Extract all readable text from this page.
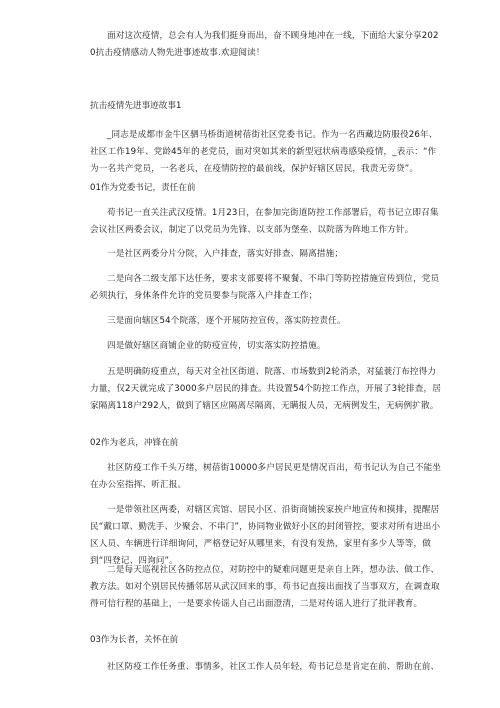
面对这次疫情，总会有人为我们挺身而出，奋不顾身地冲在一线，下面给大家分享2020抗击疫情感动人物先进事迹故事.欢迎阅读！

抗击疫情先进事迹故事1

_同志是成都市金牛区驷马桥街道树蓓街社区党委书记。作为一名西藏边防服役26年、社区工作19年、党龄45年的老党员，面对突如其来的新型冠状病毒感染疫情，_表示：“作为一名共产党员，一名老兵，在疫情防控的最前线，保护好辖区居民，我责无旁贷”。

01作为党委书记，责任在前

苟书记一直关注武汉疫情。1月23日，在参加完街道防控工作部署后，苟书记立即召集会议社区两委会议，制定了以党员为先锋、以支部为堡垒、以院落为阵地工作方针。

一是社区两委分片分院，入户排查，落实好排查、隔离措施；

二是向各二级支部下达任务，要求支部要将不聚餐、不串门等防控措施宣传到位，党员必须执行，身体条件允许的党员要参与院落入户排查工作；

三是面向辖区54个院落，逐个开展防控宣传，落实防控责任。

四是做好辖区商铺企业的防疫宣传，切实落实防控措施。

五是明确防疫重点，每天对全社区街道、院落、市场数到2轮消杀，对猛蓑汀布控得力力量，仅2天就完成了3000多户居民的排查。共设置54个防控工作点，开展了3轮排查，居家隔离118户292人，做到了辖区应隔离尽隔离，无瞒报人员，无病例发生，无病例扩散。

02作为老兵，冲锋在前

社区防疫工作千头万绪，树蓓街10000多户居民更是情况百出，苟书记认为自己不能坐在办公室指挥、听汇报。

一是带领社区两委，对辖区宾馆、居民小区、沿街商铺挨家挨户地宣传和摸排，提醒居民“戴口罩、勤洗手、少聚会、不串门”，协同物业做好小区的封闭管控，要求对所有进出小区人员、车辆进行详细询问，严格登记好从哪里来，有没有发热，家里有多少人等等，做到“四登记、四询问”。

二是每天巡视社区各防控点位，对防控中的疑难问题更是亲自上阵，想办法、做工作、教方法。如对个别居民传播邻居从武汉回来的事，苟书记直接出面找了当事双方，在调查取得可信行程的基础上，一是要求传谣人自己出面澄清，二是对传谣人进行了批评教育。

03作为长者，关怀在前

社区防疫工作任务重、事情多，社区工作人员年轻，苟书记总是肯定在前、帮助在前、
